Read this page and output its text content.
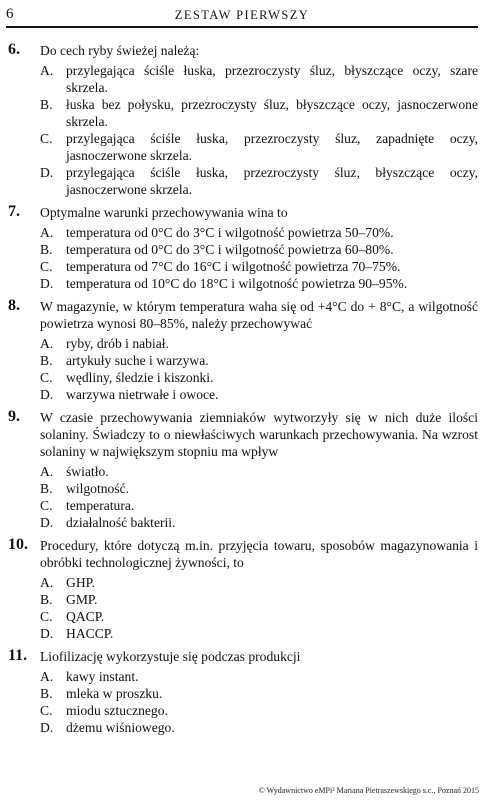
6	ZESTAW PIERWSZY
6. Do cech ryby świeżej należą:

A. przylegająca ściśle łuska, przezroczysty śluz, błyszczące oczy, szare skrzela.
B. łuska bez połysku, przezroczysty śluz, błyszczące oczy, jasnoczerwone skrzela.
C. przylegająca ściśle łuska, przezroczysty śluz, zapadnięte oczy, jasnoczerwone skrzela.
D. przylegająca ściśle łuska, przezroczysty śluz, błyszczące oczy, jasnoczerwone skrzela.
7. Optymalne warunki przechowywania wina to

A. temperatura od 0°C do 3°C i wilgotność powietrza 50–70%.
B. temperatura od 0°C do 3°C i wilgotność powietrza 60–80%.
C. temperatura od 7°C do 16°C i wilgotność powietrza 70–75%.
D. temperatura od 10°C do 18°C i wilgotność powietrza 90–95%.
8. W magazynie, w którym temperatura waha się od +4°C do + 8°C, a wilgotność powietrza wynosi 80–85%, należy przechowywać

A. ryby, drób i nabiał.
B. artykuły suche i warzywa.
C. wędliny, śledzie i kiszonki.
D. warzywa nietrwałe i owoce.
9. W czasie przechowywania ziemniaków wytworzyły się w nich duże ilości solaniny. Świadczy to o niewłaściwych warunkach przechowywania. Na wzrost solaniny w największym stopniu ma wpływ

A. światło.
B. wilgotność.
C. temperatura.
D. działalność bakterii.
10. Procedury, które dotyczą m.in. przyjęcia towaru, sposobów magazynowania i obróbki technologicznej żywności, to

A. GHP.
B. GMP.
C. QACP.
D. HACCP.
11. Liofilizację wykorzystuje się podczas produkcji

A. kawy instant.
B. mleka w proszku.
C. miodu sztucznego.
D. dżemu wiśniowego.
© Wydawnictwo eMPi² Mariana Pietraszewskiego s.c., Poznań 2015
